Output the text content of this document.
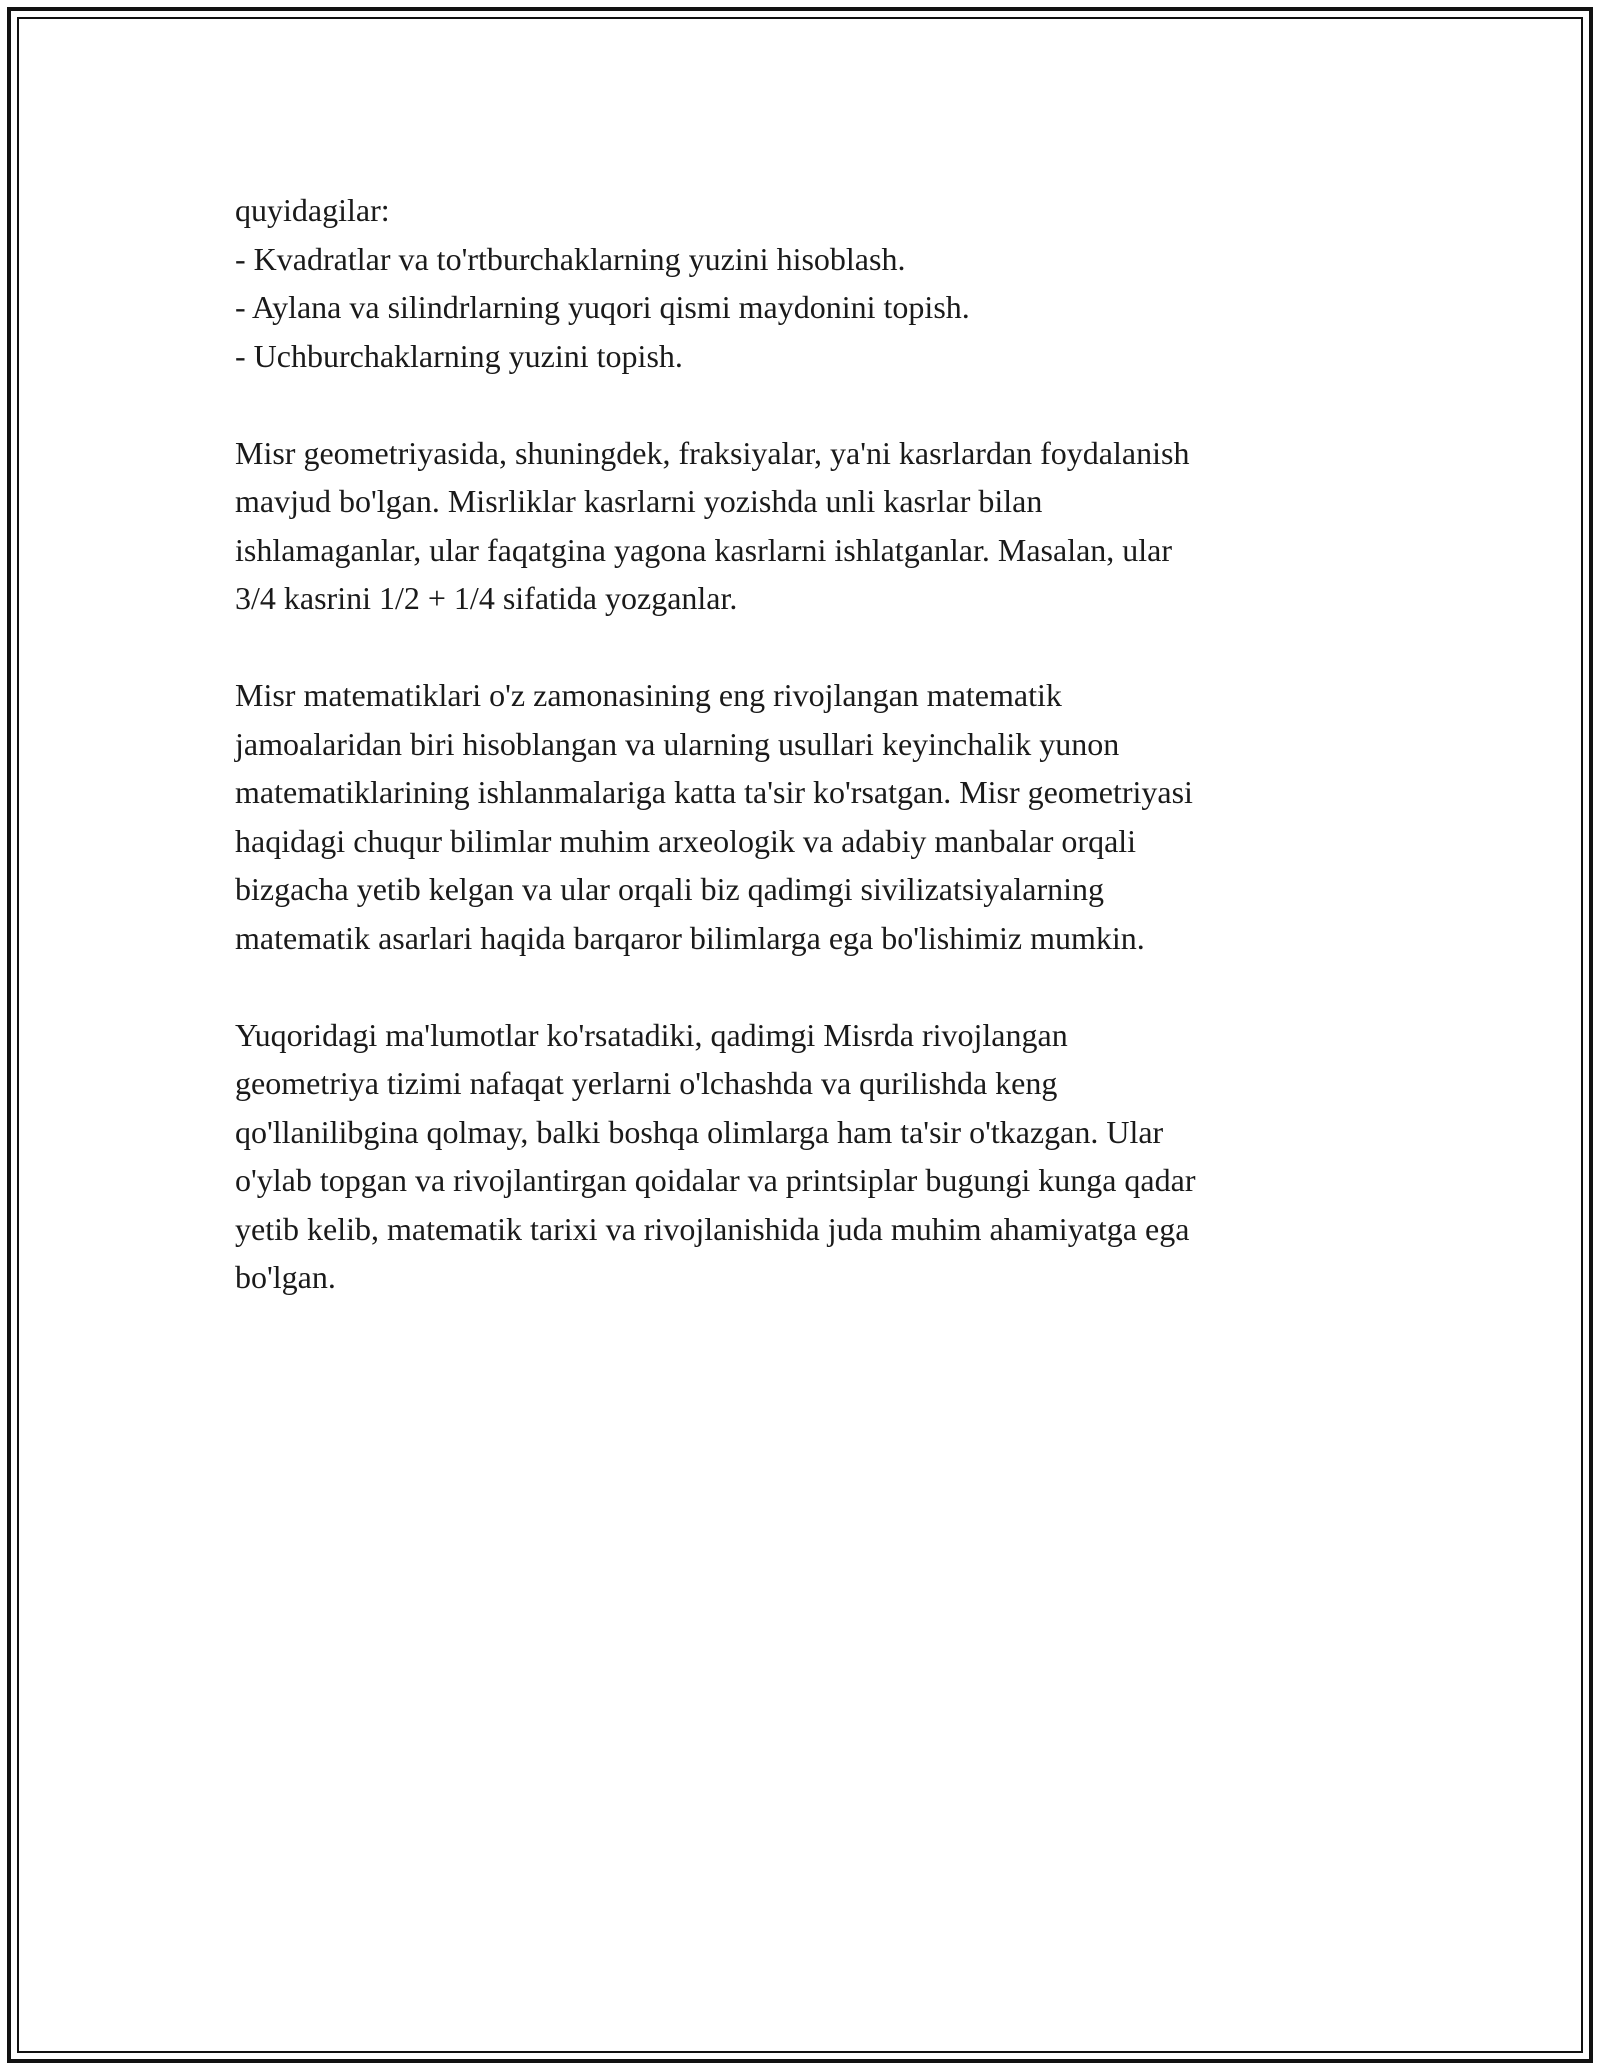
quyidagilar:
- Kvadratlar va to'rtburchaklarning yuzini hisoblash.
- Aylana va silindrlarning yuqori qismi maydonini topish.
- Uchburchaklarning yuzini topish.
Misr geometriyasida, shuningdek, fraksiyalar, ya'ni kasrlardan foydalanish
mavjud bo'lgan. Misrliklar kasrlarni yozishda unli kasrlar bilan
ishlamaganlar, ular faqatgina yagona kasrlarni ishlatganlar. Masalan, ular
3/4 kasrini 1/2 + 1/4 sifatida yozganlar.
Misr matematiklari o'z zamonasining eng rivojlangan matematik
jamoalaridan biri hisoblangan va ularning usullari keyinchalik yunon
matematiklarining ishlanmalariga katta ta'sir ko'rsatgan. Misr geometriyasi
haqidagi chuqur bilimlar muhim arxeologik va adabiy manbalar orqali
bizgacha yetib kelgan va ular orqali biz qadimgi sivilizatsiyalarning
matematik asarlari haqida barqaror bilimlarga ega bo'lishimiz mumkin.
Yuqoridagi ma'lumotlar ko'rsatadiki, qadimgi Misrda rivojlangan
geometriya tizimi nafaqat yerlarni o'lchashda va qurilishda keng
qo'llanilibgina qolmay, balki boshqa olimlarga ham ta'sir o'tkazgan. Ular
o'ylab topgan va rivojlantirgan qoidalar va printsiplar bugungi kunga qadar
yetib kelib, matematik tarixi va rivojlanishida juda muhim ahamiyatga ega
bo'lgan.
